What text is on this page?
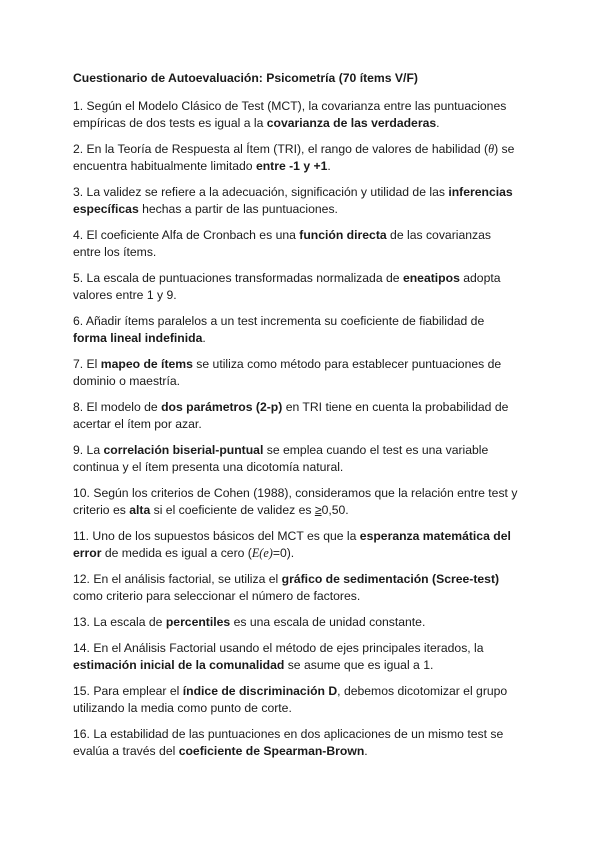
Cuestionario de Autoevaluación: Psicometría (70 ítems V/F)
1. Según el Modelo Clásico de Test (MCT), la covarianza entre las puntuaciones empíricas de dos tests es igual a la covarianza de las verdaderas.
2. En la Teoría de Respuesta al Ítem (TRI), el rango de valores de habilidad (θ) se encuentra habitualmente limitado entre -1 y +1.
3. La validez se refiere a la adecuación, significación y utilidad de las inferencias específicas hechas a partir de las puntuaciones.
4. El coeficiente Alfa de Cronbach es una función directa de las covarianzas entre los ítems.
5. La escala de puntuaciones transformadas normalizada de eneatipos adopta valores entre 1 y 9.
6. Añadir ítems paralelos a un test incrementa su coeficiente de fiabilidad de forma lineal indefinida.
7. El mapeo de ítems se utiliza como método para establecer puntuaciones de dominio o maestría.
8. El modelo de dos parámetros (2-p) en TRI tiene en cuenta la probabilidad de acertar el ítem por azar.
9. La correlación biserial-puntual se emplea cuando el test es una variable continua y el ítem presenta una dicotomía natural.
10. Según los criterios de Cohen (1988), consideramos que la relación entre test y criterio es alta si el coeficiente de validez es ≥0,50.
11. Uno de los supuestos básicos del MCT es que la esperanza matemática del error de medida es igual a cero (E(e)=0).
12. En el análisis factorial, se utiliza el gráfico de sedimentación (Scree-test) como criterio para seleccionar el número de factores.
13. La escala de percentiles es una escala de unidad constante.
14. En el Análisis Factorial usando el método de ejes principales iterados, la estimación inicial de la comunalidad se asume que es igual a 1.
15. Para emplear el índice de discriminación D, debemos dicotomizar el grupo utilizando la media como punto de corte.
16. La estabilidad de las puntuaciones en dos aplicaciones de un mismo test se evalúa a través del coeficiente de Spearman-Brown.
